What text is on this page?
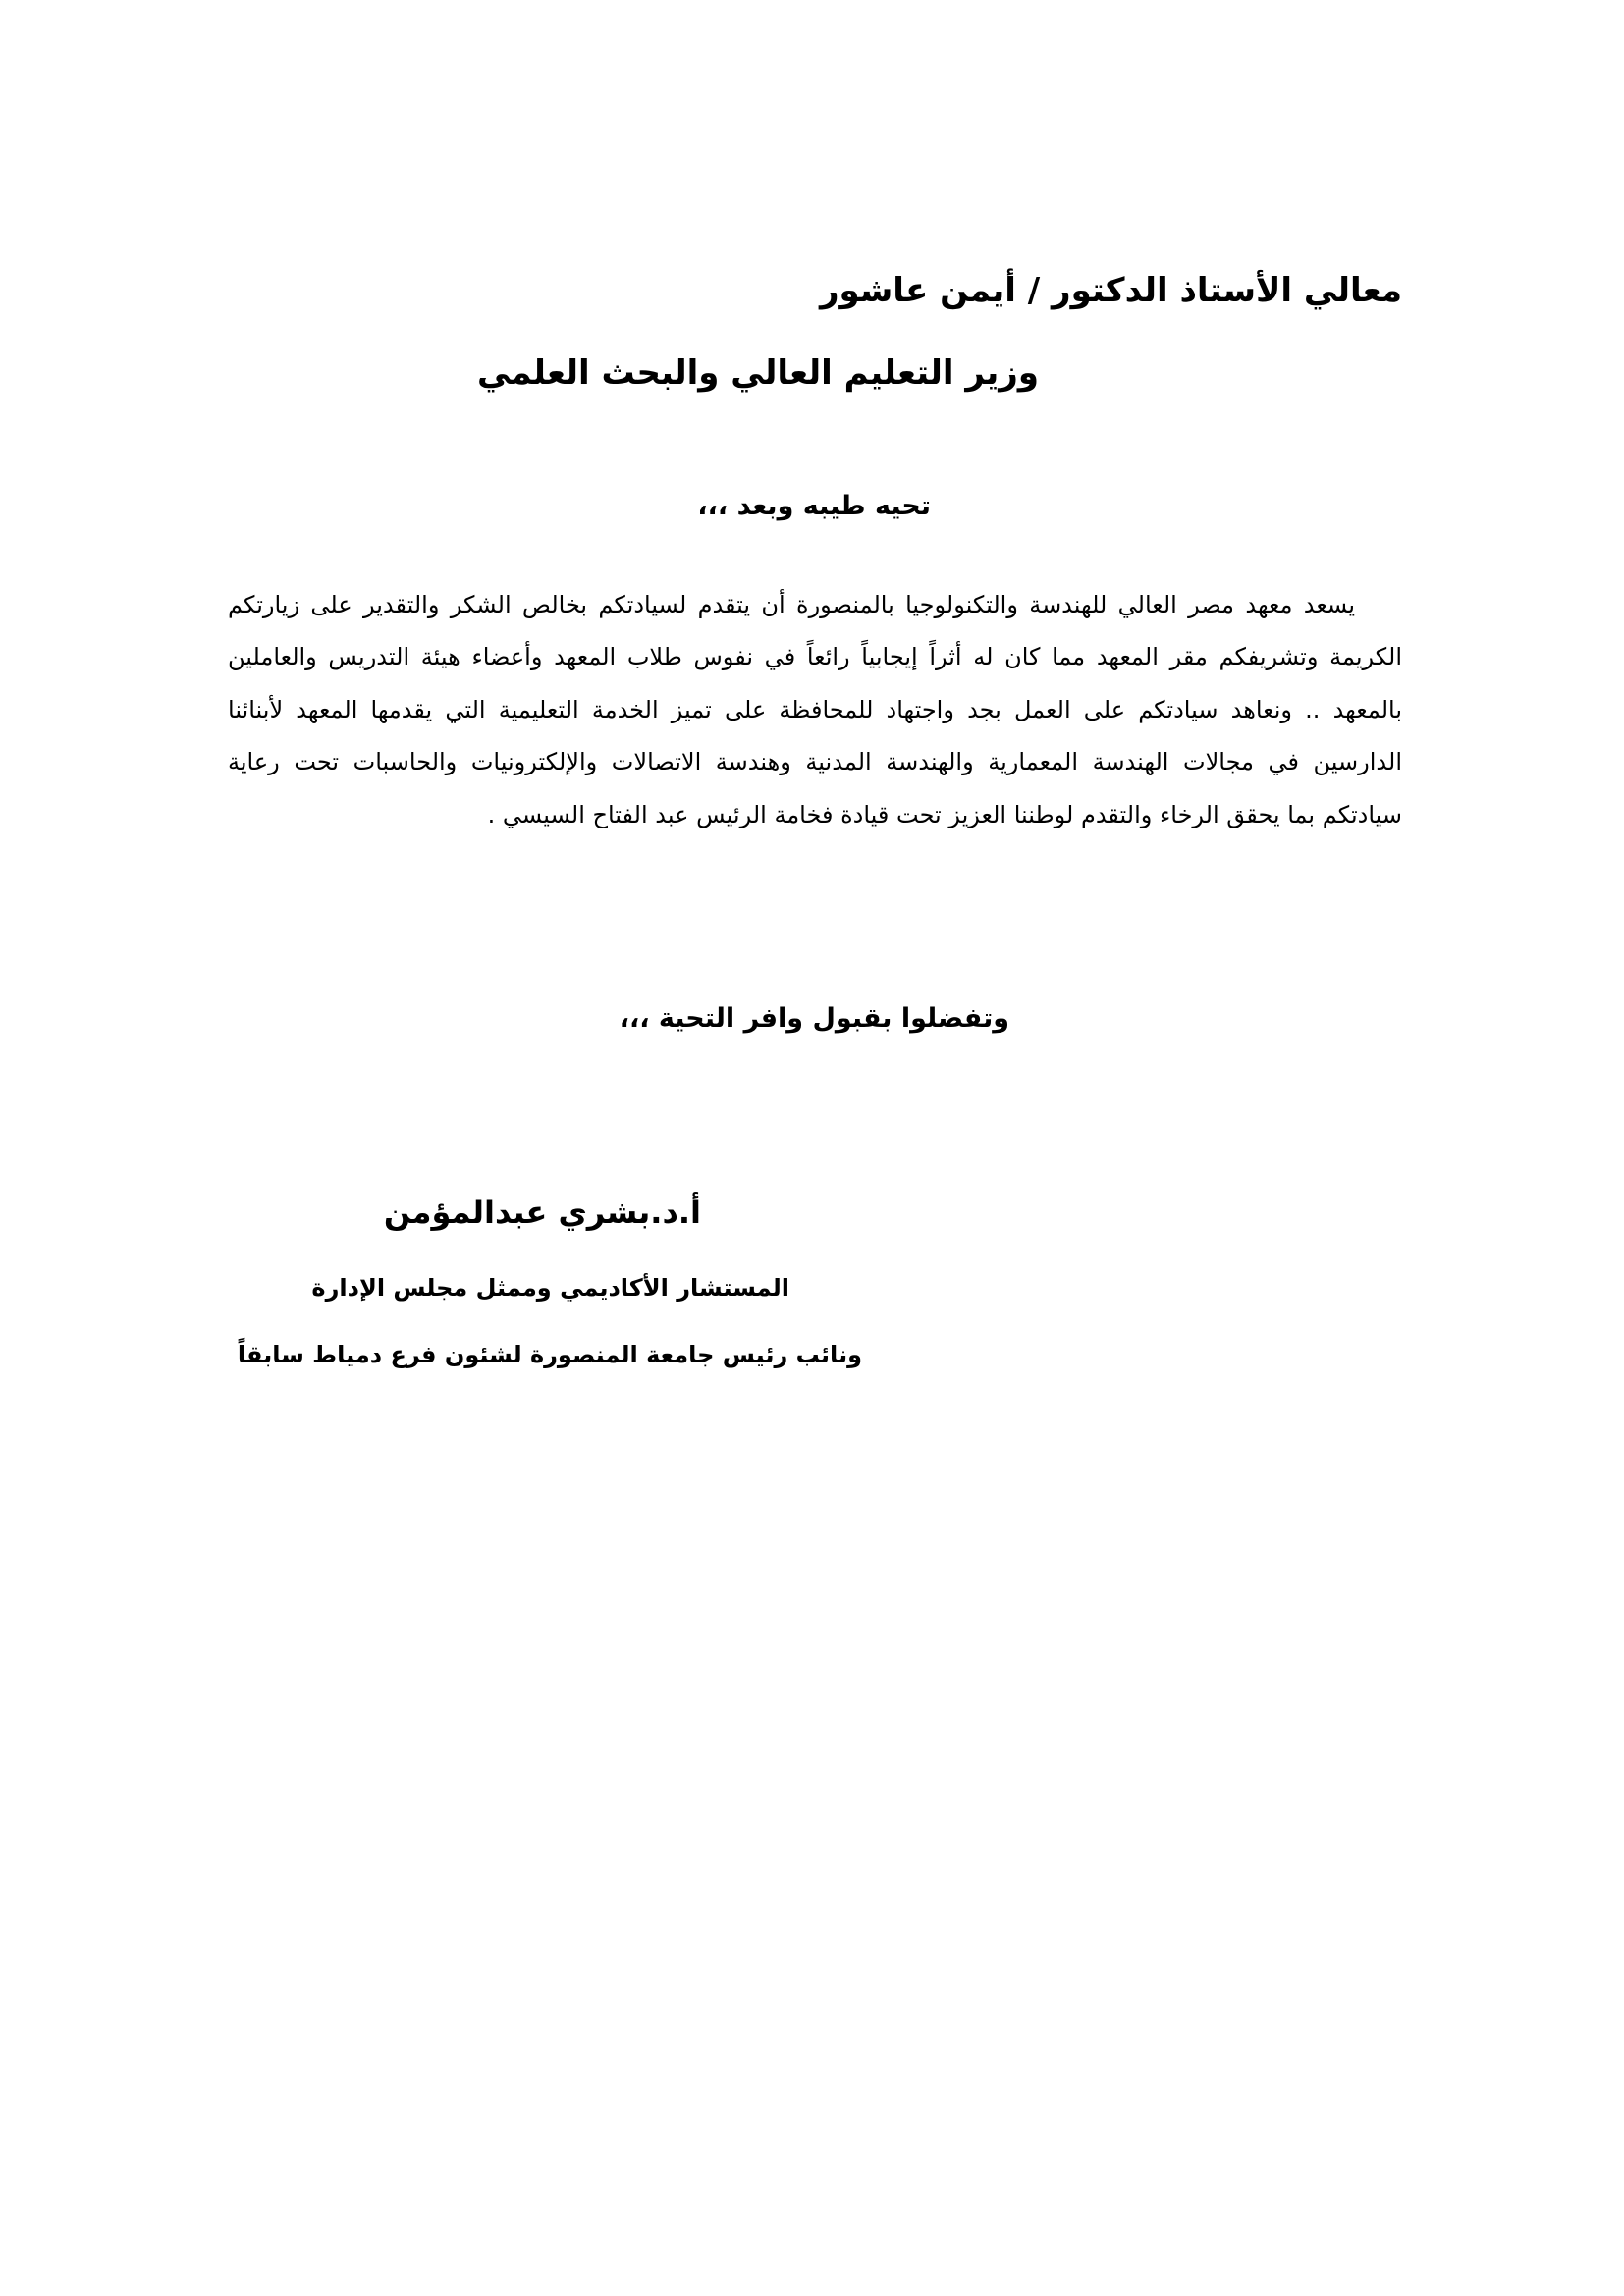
معالي الأستاذ الدكتور / أيمن عاشور
وزير التعليم العالي والبحث العلمي

تحيه طيبه وبعد ،،،

يسعد معهد مصر العالي للهندسة والتكنولوجيا بالمنصورة أن يتقدم لسيادتكم بخالص الشكر والتقدير على زيارتكم الكريمة وتشريفكم مقر المعهد مما كان له أثراً إيجابياً رائعاً في نفوس طلاب المعهد وأعضاء هيئة التدريس والعاملين بالمعهد .. ونعاهد سيادتكم على العمل بجد واجتهاد للمحافظة على تميز الخدمة التعليمية التي يقدمها المعهد لأبنائنا الدارسين في مجالات الهندسة المعمارية والهندسة المدنية وهندسة الاتصالات والإلكترونيات والحاسبات تحت رعاية سيادتكم بما يحقق الرخاء والتقدم لوطننا العزيز تحت قيادة فخامة الرئيس عبد الفتاح السيسي .

وتفضلوا بقبول وافر التحية ،،،

أ.د.بشري عبدالمؤمن

المستشار الأكاديمي وممثل مجلس الإدارة

ونائب رئيس جامعة المنصورة لشئون فرع دمياط سابقاً
